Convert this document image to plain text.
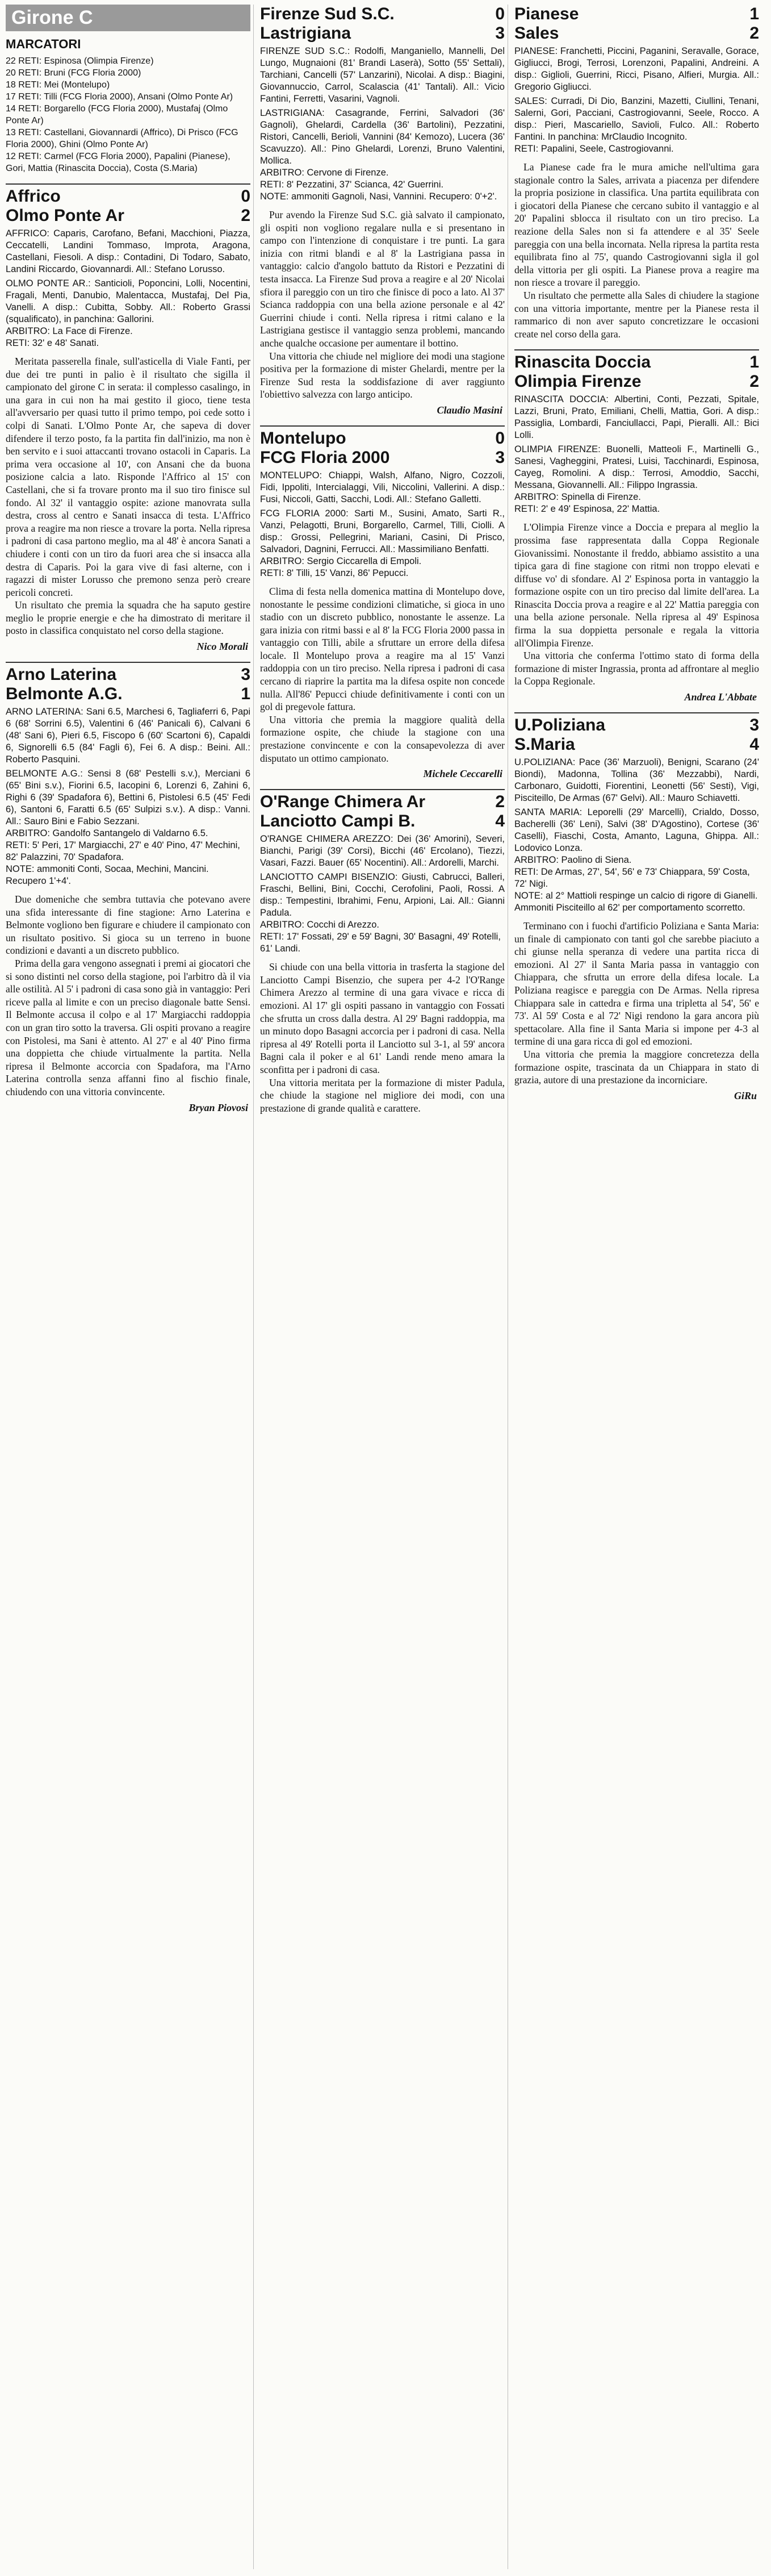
Girone C
MARCATORI
22 RETI: Espinosa (Olimpia Firenze)
20 RETI: Bruni (FCG Floria 2000)
18 RETI: Mei (Montelupo)
17 RETI: Tilli (FCG Floria 2000), Ansani (Olmo Ponte Ar)
14 RETI: Borgarello (FCG Floria 2000), Mustafaj (Olmo Ponte Ar)
13 RETI: Castellani, Giovannardi (Affrico), Di Prisco (FCG Floria 2000), Ghini (Olmo Ponte Ar)
12 RETI: Carmel (FCG Floria 2000), Papalini (Pianese), Gori, Mattia (Rinascita Doccia), Costa (S.Maria)
Affrico	0
Olmo Ponte Ar	2
AFFRICO: Caparis, Carofano, Befani, Macchioni, Piazza, Ceccatelli, Landini Tommaso, Improta, Aragona, Castellani, Fiesoli. A disp.: Contadini, Di Todaro, Sabato, Landini Riccardo, Giovannardi. All.: Stefano Lorusso.
OLMO PONTE AR.: Santicioli, Poponcini, Lolli, Nocentini, Fragali, Menti, Danubio, Malentacca, Mustafaj, Del Pia, Vanelli. A disp.: Cubitta, Sobby. All.: Roberto Grassi (squalificato), in panchina: Gallorini.
ARBITRO: La Face di Firenze.
RETI: 32' e 48' Sanati.

Meritata passerella finale, sull'asticella di Viale Fanti, per due dei tre punti in palio è il risultato che sigilla il campionato del girone C in serata: il complesso casalingo, in una gara in cui non ha mai gestito il gioco, tiene testa all'avversario per quasi tutto il primo tempo, poi cede sotto i colpi di Sanati. L'Olmo Ponte Ar, che sapeva di dover difendere il terzo posto, fa la partita fin dall'inizio, ma non è ben servito e i suoi attaccanti trovano ostacoli in Caparis. La prima vera occasione al 10', con Ansani che da buona posizione calcia a lato. Risponde l'Affrico al 15' con Castellani, che si fa trovare pronto ma il suo tiro finisce sul fondo. Al 32' il vantaggio ospite: azione manovrata sulla destra, cross al centro e Sanati insacca di testa. L'Affrico prova a reagire ma non riesce a trovare la porta. Nella ripresa i padroni di casa partono meglio, ma al 48' è ancora Sanati a chiudere i conti con un tiro da fuori area che si insacca alla destra di Caparis. Poi la gara vive di fasi alterne, con i ragazzi di mister Lorusso che premono senza però creare pericoli concreti.

Un risultato che premia la squadra che ha saputo gestire meglio le proprie energie e che ha dimostrato di meritare il posto in classifica conquistato nel corso della stagione.

Nico Morali
Arno Laterina	3
Belmonte A.G.	1
ARNO LATERINA: Sani 6.5, Marchesi 6, Tagliaferri 6, Papi 6 (68' Sorrini 6.5), Valentini 6 (46' Panicali 6), Calvani 6 (48' Sani 6), Pieri 6.5, Fiscopo 6 (60' Scartoni 6), Capaldi 6, Signorelli 6.5 (84' Fagli 6), Fei 6. A disp.: Beini. All.: Roberto Pasquini.
BELMONTE A.G.: Sensi 8 (68' Pestelli s.v.), Merciani 6 (65' Bini s.v.), Fiorini 6.5, Iacopini 6, Lorenzi 6, Zahini 6, Righi 6 (39' Spadafora 6), Bettini 6, Pistolesi 6.5 (45' Fedi 6), Santoni 6, Faratti 6.5 (65' Sulpizi s.v.). A disp.: Vanni. All.: Sauro Bini e Fabio Sezzani.
ARBITRO: Gandolfo Santangelo di Valdarno 6.5.
RETI: 5' Peri, 17' Margiacchi, 27' e 40' Pino, 47' Mechini, 82' Palazzini, 70' Spadafora.
NOTE: ammoniti Conti, Socaa, Mechini, Mancini. Recupero 1'+4'.

Due domeniche che sembra tuttavia che potevano avere una sfida interessante di fine stagione: Arno Laterina e Belmonte vogliono ben figurare e chiudere il campionato con un risultato positivo. Si gioca su un terreno in buone condizioni e davanti a un discreto pubblico.

Prima della gara vengono assegnati i premi ai giocatori che si sono distinti nel corso della stagione, poi l'arbitro dà il via alle ostilità. Al 5' i padroni di casa sono già in vantaggio: Peri riceve palla al limite e con un preciso diagonale batte Sensi. Il Belmonte accusa il colpo e al 17' Margiacchi raddoppia con un gran tiro sotto la traversa. Gli ospiti provano a reagire con Pistolesi, ma Sani è attento. Al 27' e al 40' Pino firma una doppietta che chiude virtualmente la partita. Nella ripresa il Belmonte accorcia con Spadafora, ma l'Arno Laterina controlla senza affanni fino al fischio finale, chiudendo con una vittoria convincente.

Bryan Piovosi
Firenze Sud S.C.	0
Lastrigiana	3
FIRENZE SUD S.C.: Rodolfi, Manganiello, Mannelli, Del Lungo, Mugnaioni (81' Brandi Laserà), Sotto (55' Settali), Tarchiani, Cancelli (57' Lanzarini), Nicolai. A disp.: Biagini, Giovannuccio, Carrol, Scalascia (41' Tantali). All.: Vicio Fantini, Ferretti, Vasarini, Vagnoli.
LASTRIGIANA: Casagrande, Ferrini, Salvadori (36' Gagnoli), Ghelardi, Cardella (36' Bartolini), Pezzatini, Ristori, Cancelli, Berioli, Vannini (84' Kemozo), Lucera (36' Scavuzzo). All.: Pino Ghelardi, Lorenzi, Bruno Valentini, Mollica.
ARBITRO: Cervone di Firenze.
RETI: 8' Pezzatini, 37' Scianca, 42' Guerrini.
NOTE: ammoniti Gagnoli, Nasi, Vannini. Recupero: 0'+2'.

Pur avendo la Firenze Sud S.C. già salvato il campionato, gli ospiti non vogliono regalare nulla e si presentano in campo con l'intenzione di conquistare i tre punti. La gara inizia con ritmi blandi e al 8' la Lastrigiana passa in vantaggio: calcio d'angolo battuto da Ristori e Pezzatini di testa insacca. La Firenze Sud prova a reagire e al 20' Nicolai sfiora il pareggio con un tiro che finisce di poco a lato. Al 37' Scianca raddoppia con una bella azione personale e al 42' Guerrini chiude i conti. Nella ripresa i ritmi calano e la Lastrigiana gestisce il vantaggio senza problemi, mancando anche qualche occasione per aumentare il bottino.

Una vittoria che chiude nel migliore dei modi una stagione positiva per la formazione di mister Ghelardi, mentre per la Firenze Sud resta la soddisfazione di aver raggiunto l'obiettivo salvezza con largo anticipo.

Claudio Masini
Montelupo	0
FCG Floria 2000	3
MONTELUPO: Chiappi, Walsh, Alfano, Nigro, Cozzoli, Fidi, Ippoliti, Intercialaggi, Vili, Niccolini, Vallerini. A disp.: Fusi, Niccoli, Gatti, Sacchi, Lodi. All.: Stefano Galletti.
FCG FLORIA 2000: Sarti M., Susini, Amato, Sarti R., Vanzi, Pelagotti, Bruni, Borgarello, Carmel, Tilli, Ciolli. A disp.: Grossi, Pellegrini, Mariani, Casini, Di Prisco, Salvadori, Dagnini, Ferrucci. All.: Massimiliano Benfatti.
ARBITRO: Sergio Ciccarella di Empoli.
RETI: 8' Tilli, 15' Vanzi, 86' Pepucci.

Clima di festa nella domenica mattina di Montelupo dove, nonostante le pessime condizioni climatiche, si gioca in uno stadio con un discreto pubblico, nonostante le assenze. La gara inizia con ritmi bassi e al 8' la FCG Floria 2000 passa in vantaggio con Tilli, abile a sfruttare un errore della difesa locale. Il Montelupo prova a reagire ma al 15' Vanzi raddoppia con un tiro preciso. Nella ripresa i padroni di casa cercano di riaprire la partita ma la difesa ospite non concede nulla. All'86' Pepucci chiude definitivamente i conti con un gol di pregevole fattura.

Una vittoria che premia la maggiore qualità della formazione ospite, che chiude la stagione con una prestazione convincente e con la consapevolezza di aver disputato un ottimo campionato.

Michele Ceccarelli
O'Range Chimera Ar	2
Lanciotto Campi B.	4
O'RANGE CHIMERA AREZZO: Dei (36' Amorini), Severi, Bianchi, Parigi (39' Corsi), Bicchi (46' Ercolano), Tiezzi, Vasari, Fazzi. Bauer (65' Nocentini). All.: Ardorelli, Marchi.
LANCIOTTO CAMPI BISENZIO: Giusti, Cabrucci, Balleri, Fraschi, Bellini, Bini, Cocchi, Cerofolini, Paoli, Rossi. A disp.: Tempestini, Ibrahimi, Fenu, Arpioni, Lai. All.: Gianni Padula.
ARBITRO: Cocchi di Arezzo.
RETI: 17' Fossati, 29' e 59' Bagni, 30' Basagni, 49' Rotelli, 61' Landi.

Si chiude con una bella vittoria in trasferta la stagione del Lanciotto Campi Bisenzio, che supera per 4-2 l'O'Range Chimera Arezzo al termine di una gara vivace e ricca di emozioni. Al 17' gli ospiti passano in vantaggio con Fossati che sfrutta un cross dalla destra. Al 29' Bagni raddoppia, ma un minuto dopo Basagni accorcia per i padroni di casa. Nella ripresa al 49' Rotelli porta il Lanciotto sul 3-1, al 59' ancora Bagni cala il poker e al 61' Landi rende meno amara la sconfitta per i padroni di casa.

Una vittoria meritata per la formazione di mister Padula, che chiude la stagione nel migliore dei modi, con una prestazione di grande qualità e carattere.

Pianese	1
Sales	2
PIANESE: Franchetti, Piccini, Paganini, Seravalle, Gorace, Gigliucci, Brogi, Terrosi, Lorenzoni, Papalini, Andreini. A disp.: Giglioli, Guerrini, Ricci, Pisano, Alfieri, Murgia. All.: Gregorio Gigliucci.
SALES: Curradi, Di Dio, Banzini, Mazetti, Ciullini, Tenani, Salerni, Gori, Pacciani, Castrogiovanni, Seele, Rocco. A disp.: Pieri, Mascariello, Savioli, Fulco. All.: Roberto Fantini. In panchina: MrClaudio Incognito.
RETI: Papalini, Seele, Castrogiovanni.

La Pianese cade fra le mura amiche nell'ultima gara stagionale contro la Sales, arrivata a piacenza per difendere la propria posizione in classifica. Una partita equilibrata con i giocatori della Pianese che cercano subito il vantaggio e al 20' Papalini sblocca il risultato con un tiro preciso. La reazione della Sales non si fa attendere e al 35' Seele pareggia con una bella incornata. Nella ripresa la partita resta equilibrata fino al 75', quando Castrogiovanni sigla il gol della vittoria per gli ospiti. La Pianese prova a reagire ma non riesce a trovare il pareggio.

Un risultato che permette alla Sales di chiudere la stagione con una vittoria importante, mentre per la Pianese resta il rammarico di non aver saputo concretizzare le occasioni create nel corso della gara.

Rinascita Doccia	1
Olimpia Firenze	2
RINASCITA DOCCIA: Albertini, Conti, Pezzati, Spitale, Lazzi, Bruni, Prato, Emiliani, Chelli, Mattia, Gori. A disp.: Passiglia, Lombardi, Fanciullacci, Papi, Pieralli. All.: Bici Lolli.
OLIMPIA FIRENZE: Buonelli, Matteoli F., Martinelli G., Sanesi, Vagheggini, Pratesi, Luisi, Tacchinardi, Espinosa, Cayeg, Romolini. A disp.: Terrosi, Amoddio, Sacchi, Messana, Giovannelli. All.: Filippo Ingrassia.
ARBITRO: Spinella di Firenze.
RETI: 2' e 49' Espinosa, 22' Mattia.

L'Olimpia Firenze vince a Doccia e prepara al meglio la prossima fase rappresentata dalla Coppa Regionale Giovanissimi. Nonostante il freddo, abbiamo assistito a una tipica gara di fine stagione con ritmi non troppo elevati e diffuse vo' di sfondare. Al 2' Espinosa porta in vantaggio la formazione ospite con un tiro preciso dal limite dell'area. La Rinascita Doccia prova a reagire e al 22' Mattia pareggia con una bella azione personale. Nella ripresa al 49' Espinosa firma la sua doppietta personale e regala la vittoria all'Olimpia Firenze.

Una vittoria che conferma l'ottimo stato di forma della formazione di mister Ingrassia, pronta ad affrontare al meglio la Coppa Regionale.

Andrea L'Abbate
U.Poliziana	3
S.Maria	4
U.POLIZIANA: Pace (36' Marzuoli), Benigni, Scarano (24' Biondi), Madonna, Tollina (36' Mezzabbi), Nardi, Carbonaro, Guidotti, Fiorentini, Leonetti (56' Sesti), Vigi, Pisciteillo, De Armas (67' Gelvi). All.: Mauro Schiavetti.
SANTA MARIA: Leporelli (29' Marcelli), Crialdo, Dosso, Bacherelli (36' Leni), Salvi (38' D'Agostino), Cortese (36' Caselli), Fiaschi, Costa, Amanto, Laguna, Ghippa. All.: Lodovico Lonza.
ARBITRO: Paolino di Siena.
RETI: De Armas, 27', 54', 56' e 73' Chiappara, 59' Costa, 72' Nigi.
NOTE: al 2° Mattioli respinge un calcio di rigore di Gianelli. Ammoniti Pisciteillo al 62' per comportamento scorretto.

Terminano con i fuochi d'artificio Poliziana e Santa Maria: un finale di campionato con tanti gol che sarebbe piaciuto a chi giunse nella speranza di vedere una partita ricca di emozioni. Al 27' il Santa Maria passa in vantaggio con Chiappara, che sfrutta un errore della difesa locale. La Poliziana reagisce e pareggia con De Armas. Nella ripresa Chiappara sale in cattedra e firma una tripletta al 54', 56' e 73'. Al 59' Costa e al 72' Nigi rendono la gara ancora più spettacolare. Alla fine il Santa Maria si impone per 4-3 al termine di una gara ricca di gol ed emozioni.

Una vittoria che premia la maggiore concretezza della formazione ospite, trascinata da un Chiappara in stato di grazia, autore di una prestazione da incorniciare.

GiRu
